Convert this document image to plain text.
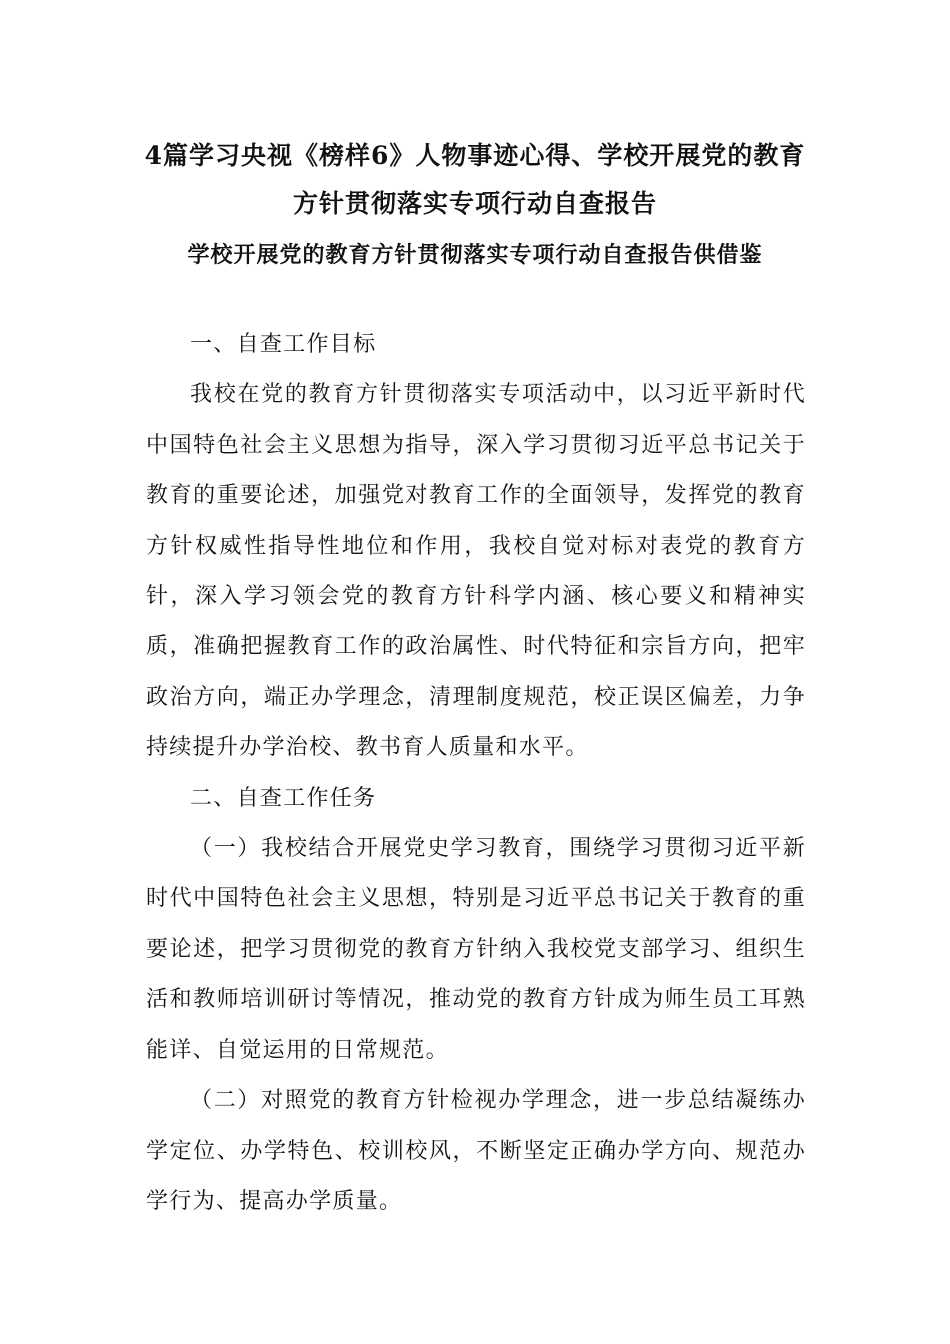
4篇学习央视《榜样6》人物事迹心得、学校开展党的教育
方针贯彻落实专项行动自查报告
学校开展党的教育方针贯彻落实专项行动自查报告供借鉴

一、自查工作目标

我校在党的教育方针贯彻落实专项活动中，以习近平新时代中国特色社会主义思想为指导，深入学习贯彻习近平总书记关于教育的重要论述，加强党对教育工作的全面领导，发挥党的教育方针权威性指导性地位和作用，我校自觉对标对表党的教育方针，深入学习领会党的教育方针科学内涵、核心要义和精神实质，准确把握教育工作的政治属性、时代特征和宗旨方向，把牢政治方向，端正办学理念，清理制度规范，校正误区偏差，力争持续提升办学治校、教书育人质量和水平。

二、自查工作任务

（一）我校结合开展党史学习教育，围绕学习贯彻习近平新时代中国特色社会主义思想，特别是习近平总书记关于教育的重要论述，把学习贯彻党的教育方针纳入我校党支部学习、组织生活和教师培训研讨等情况，推动党的教育方针成为师生员工耳熟能详、自觉运用的日常规范。

（二）对照党的教育方针检视办学理念，进一步总结凝练办学定位、办学特色、校训校风，不断坚定正确办学方向、规范办学行为、提高办学质量。
